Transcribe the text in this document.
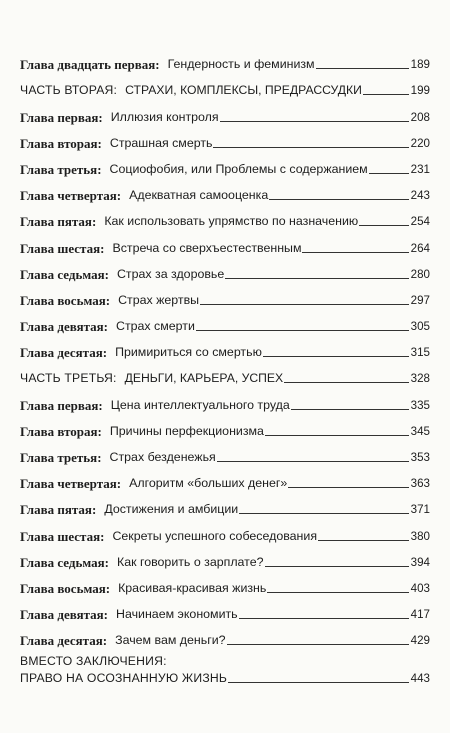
Глава двадцать первая: Гендерность и феминизм	189
ЧАСТЬ ВТОРАЯ: СТРАХИ, КОМПЛЕКСЫ, ПРЕДРАССУДКИ	199
Глава первая: Иллюзия контроля	208
Глава вторая: Страшная смерть	220
Глава третья: Социофобия, или Проблемы с содержанием	231
Глава четвертая: Адекватная самооценка	243
Глава пятая: Как использовать упрямство по назначению	254
Глава шестая: Встреча со сверхъестественным	264
Глава седьмая: Страх за здоровье	280
Глава восьмая: Страх жертвы	297
Глава девятая: Страх смерти	305
Глава десятая: Примириться со смертью	315
ЧАСТЬ ТРЕТЬЯ: ДЕНЬГИ, КАРЬЕРА, УСПЕХ	328
Глава первая: Цена интеллектуального труда	335
Глава вторая: Причины перфекционизма	345
Глава третья: Страх безденежья	353
Глава четвертая: Алгоритм «больших денег»	363
Глава пятая: Достижения и амбиции	371
Глава шестая: Секреты успешного собеседования	380
Глава седьмая: Как говорить о зарплате?	394
Глава восьмая: Красивая-красивая жизнь	403
Глава девятая: Начинаем экономить	417
Глава десятая: Зачем вам деньги?	429
ВМЕСТО ЗАКЛЮЧЕНИЯ:
ПРАВО НА ОСОЗНАННУЮ ЖИЗНЬ	443
